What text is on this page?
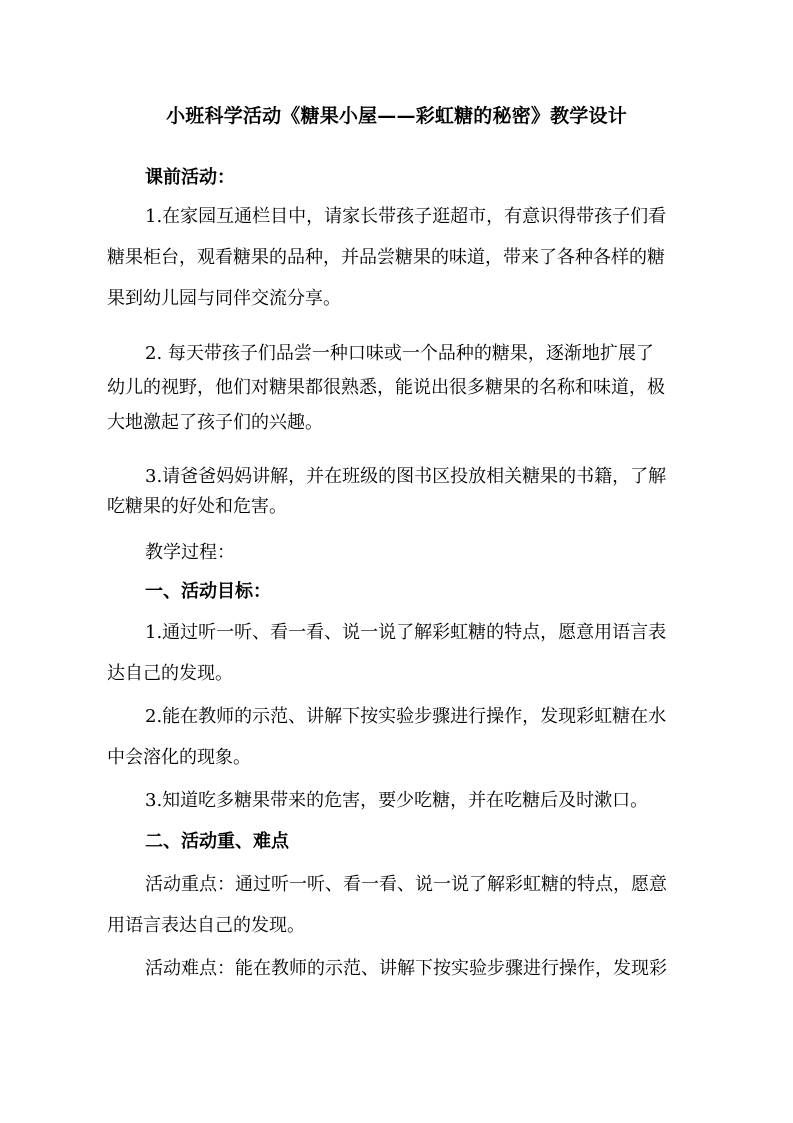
小班科学活动《糖果小屋——彩虹糖的秘密》教学设计
课前活动：
1.在家园互通栏目中，请家长带孩子逛超市，有意识得带孩子们看
糖果柜台，观看糖果的品种，并品尝糖果的味道，带来了各种各样的糖
果到幼儿园与同伴交流分享。
2. 每天带孩子们品尝一种口味或一个品种的糖果，逐渐地扩展了
幼儿的视野，他们对糖果都很熟悉，能说出很多糖果的名称和味道，极
大地激起了孩子们的兴趣。
3.请爸爸妈妈讲解，并在班级的图书区投放相关糖果的书籍，了解
吃糖果的好处和危害。
教学过程：
一、活动目标：
1.通过听一听、看一看、说一说了解彩虹糖的特点，愿意用语言表
达自己的发现。
2.能在教师的示范、讲解下按实验步骤进行操作，发现彩虹糖在水
中会溶化的现象。
3.知道吃多糖果带来的危害，要少吃糖，并在吃糖后及时漱口。
二、活动重、难点
活动重点：通过听一听、看一看、说一说了解彩虹糖的特点，愿意
用语言表达自己的发现。
活动难点：能在教师的示范、讲解下按实验步骤进行操作，发现彩
